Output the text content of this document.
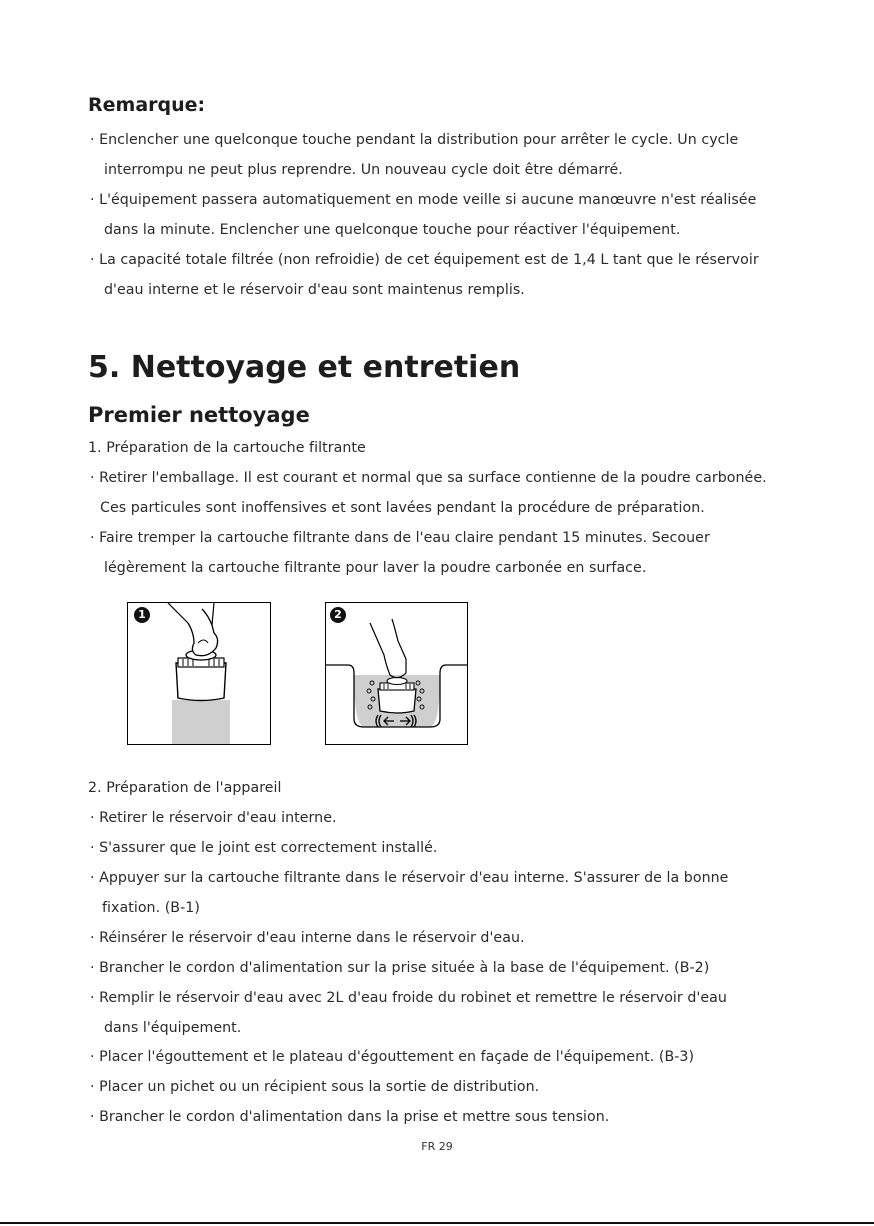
Remarque:
· Enclencher une quelconque touche pendant la distribution pour arrêter le cycle. Un cycle
interrompu ne peut plus reprendre. Un nouveau cycle doit être démarré.
· L'équipement passera automatiquement en mode veille si aucune manœuvre n'est réalisée
dans la minute. Enclencher une quelconque touche pour réactiver l'équipement.
· La capacité totale filtrée (non refroidie) de cet équipement est de 1,4 L tant que le réservoir
d'eau interne et le réservoir d'eau sont maintenus remplis.
5. Nettoyage et entretien
Premier nettoyage
1. Préparation de la cartouche filtrante
· Retirer l'emballage. Il est courant et normal que sa surface contienne de la poudre carbonée.
Ces particules sont inoffensives et sont lavées pendant la procédure de préparation.
· Faire tremper la cartouche filtrante dans de l'eau claire pendant 15 minutes. Secouer
légèrement la cartouche filtrante pour laver la poudre carbonée en surface.
1	2
2. Préparation de l'appareil
· Retirer le réservoir d'eau interne.
· S'assurer que le joint est correctement installé.
· Appuyer sur la cartouche filtrante dans le réservoir d'eau interne. S'assurer de la bonne
fixation. (B-1)
· Réinsérer le réservoir d'eau interne dans le réservoir d'eau.
· Brancher le cordon d'alimentation sur la prise située à la base de l'équipement. (B-2)
· Remplir le réservoir d'eau avec 2L d'eau froide du robinet et remettre le réservoir d'eau
dans l'équipement.
· Placer l'égouttement et le plateau d'égouttement en façade de l'équipement. (B-3)
· Placer un pichet ou un récipient sous la sortie de distribution.
· Brancher le cordon d'alimentation dans la prise et mettre sous tension.
FR 29
